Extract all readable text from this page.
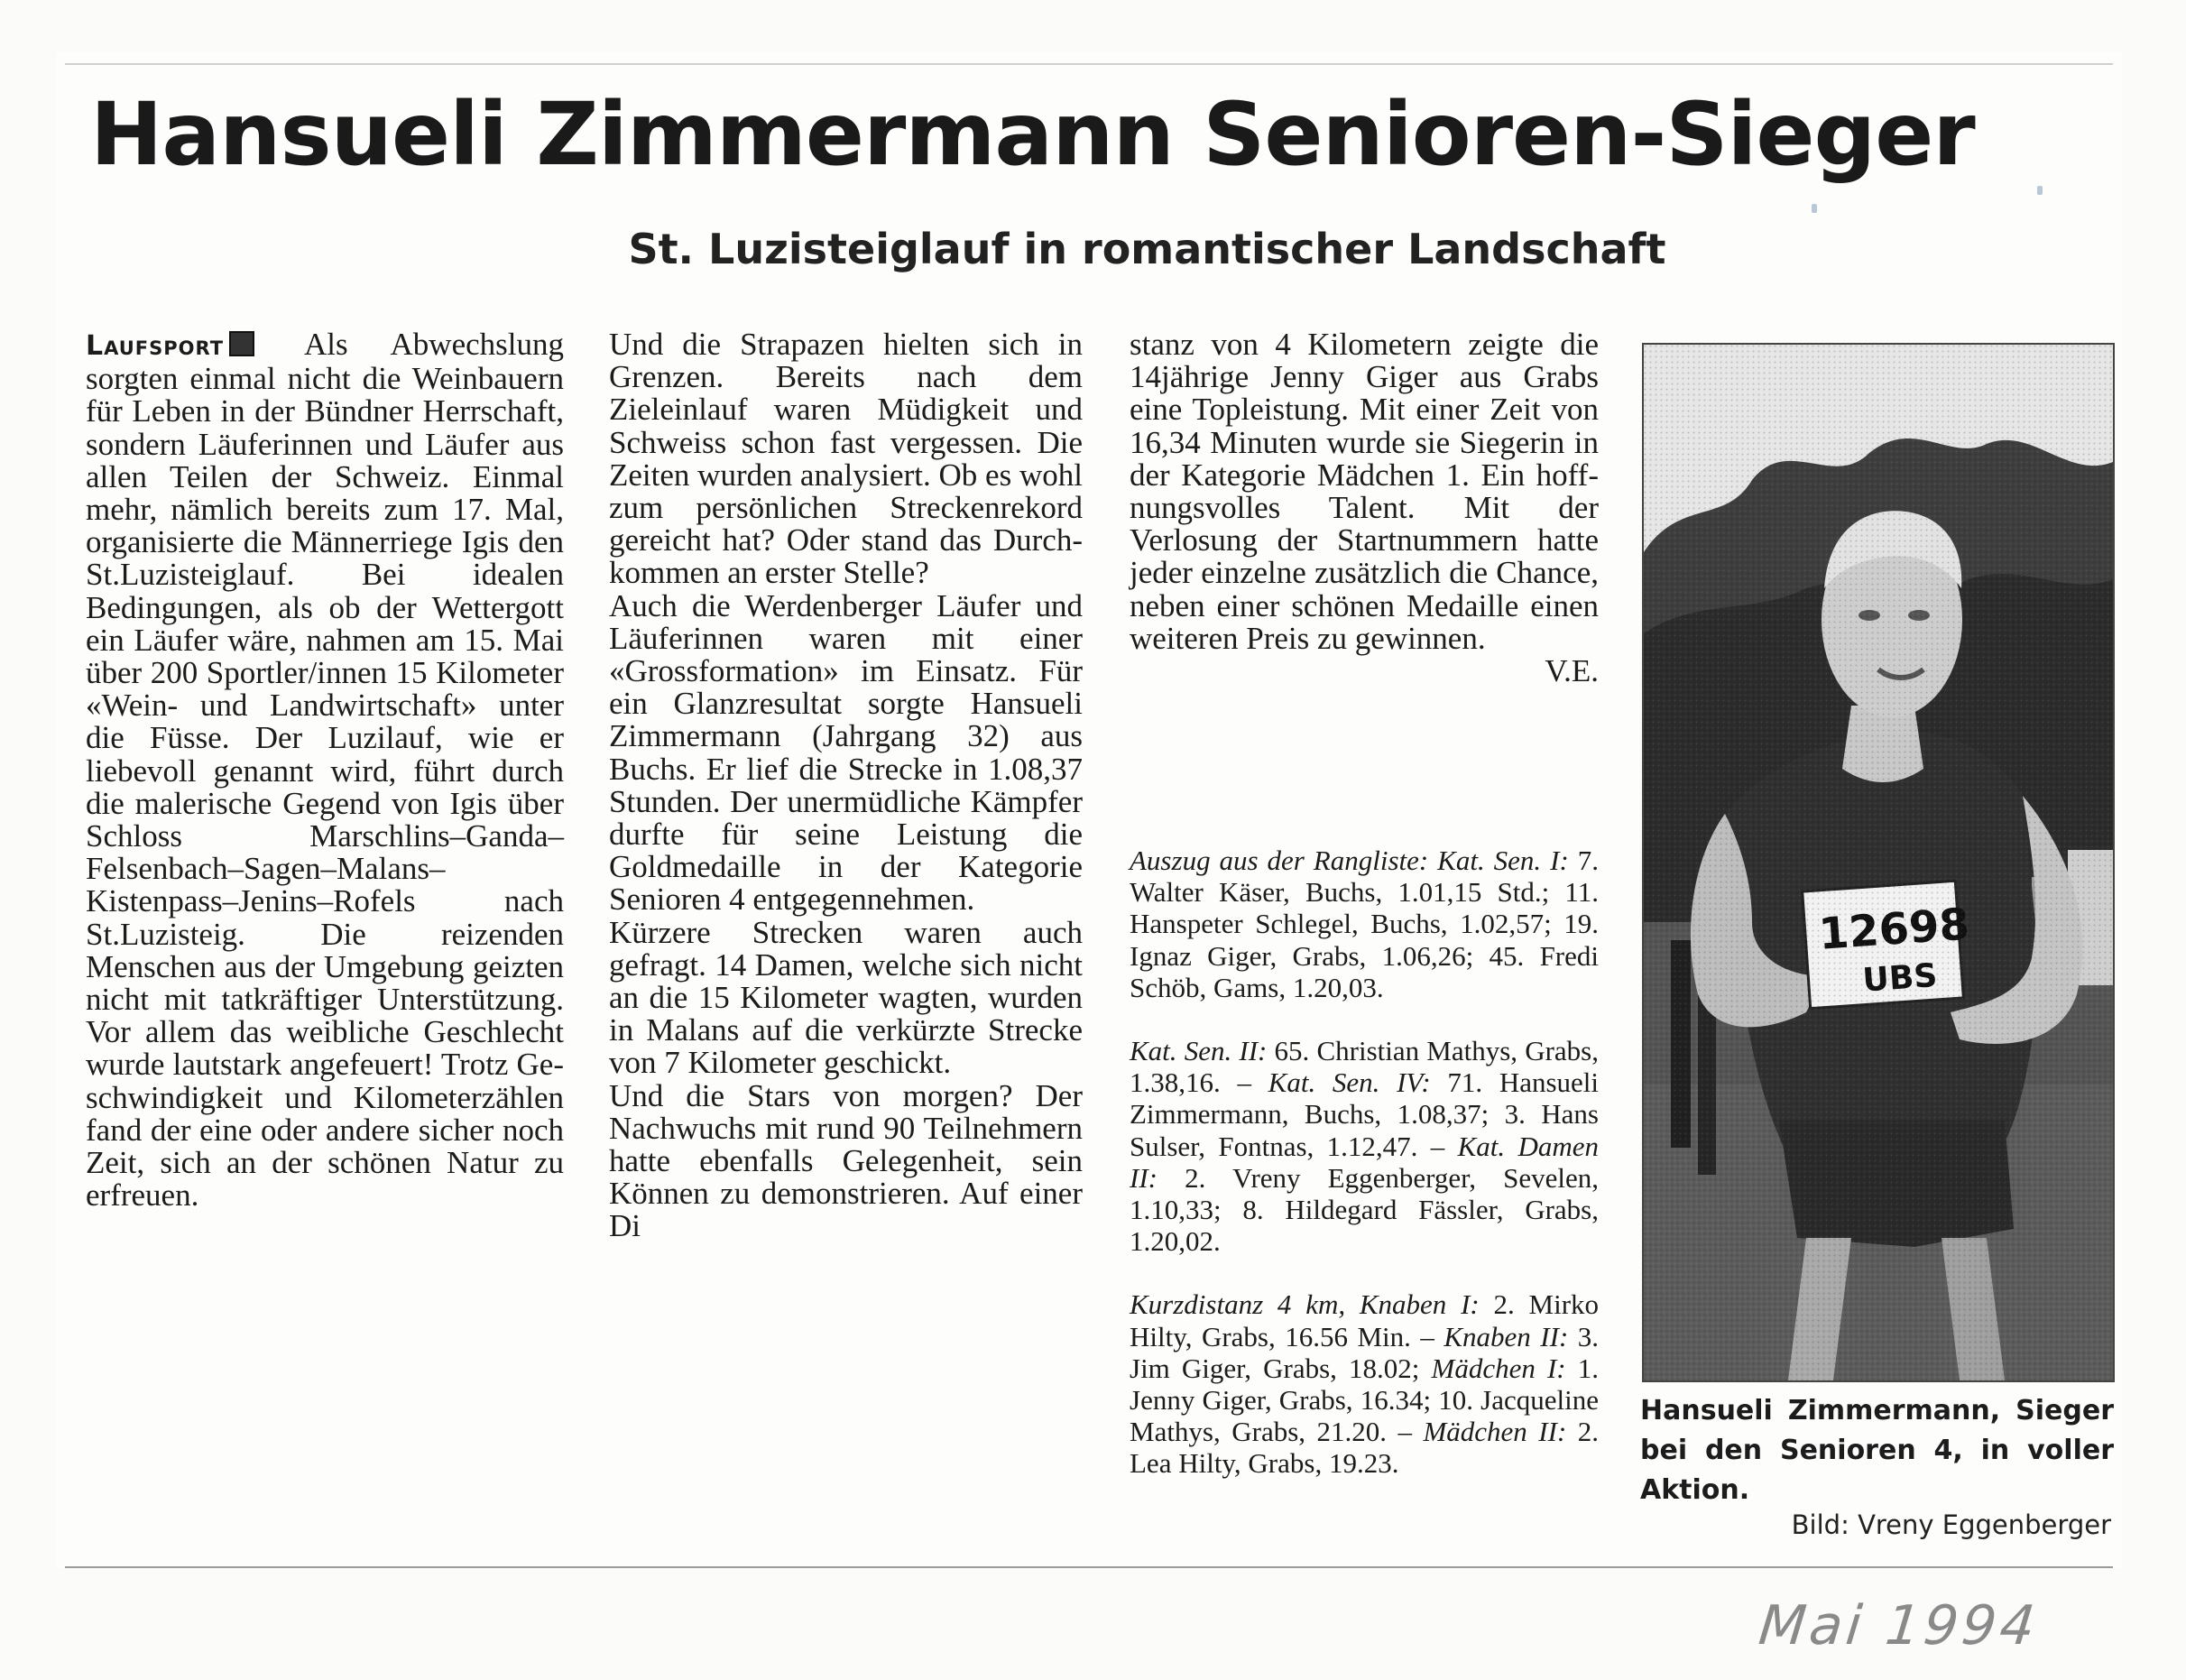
Hansueli Zimmermann Senioren-Sieger
St. Luzisteiglauf in romantischer Landschaft

Laufsport	Als Abwechslung sorgten einmal nicht die Weinbauern für Leben in der Bündner Herrschaft, sondern Läuferinnen und Läufer aus allen Teilen der Schweiz. Einmal mehr, nämlich bereits zum 17. Mal, organisierte die Männerriege Igis den St.Luzisteiglauf. Bei idealen Bedingungen, als ob der Wettergott ein Läufer wäre, nahmen am 15. Mai über 200 Sportler/innen 15 Kilometer «Wein- und Landwirtschaft» unter die Füsse. Der Luzilauf, wie er liebevoll genannt wird, führt durch die malerische Gegend von Igis über Schloss Marschlins–Ganda–Felsenbach–Sagen–Malans–Kistenpass–Jenins–Rofels nach St.Luzisteig. Die reizenden Menschen aus der Umgebung geizten nicht mit tatkräftiger Unterstützung. Vor allem das weibliche Geschlecht wurde lautstark angefeuert! Trotz Geschwindigkeit und Kilometerzählen fand der eine oder andere sicher noch Zeit, sich an der schönen Natur zu erfreuen.

Und die Strapazen hielten sich in Grenzen. Bereits nach dem Zieleinlauf waren Müdigkeit und Schweiss schon fast vergessen. Die Zeiten wurden analysiert. Ob es wohl zum persönlichen Streckenrekord gereicht hat? Oder stand das Durchkommen an erster Stelle?

Auch die Werdenberger Läufer und Läuferinnen waren mit einer «Grossformation» im Einsatz. Für ein Glanzresultat sorgte Hansueli Zimmermann (Jahrgang 32) aus Buchs. Er lief die Strecke in 1.08,37 Stunden. Der unermüdliche Kämpfer durfte für seine Leistung die Goldmedaille in der Kategorie Senioren 4 entgegennehmen.

Kürzere Strecken waren auch gefragt. 14 Damen, welche sich nicht an die 15 Kilometer wagten, wurden in Malans auf die verkürzte Strecke von 7 Kilometer geschickt.

Und die Stars von morgen? Der Nachwuchs mit rund 90 Teilnehmern hatte ebenfalls Gelegenheit, sein Können zu demonstrieren. Auf einer Di

stanz von 4 Kilometern zeigte die 14jährige Jenny Giger aus Grabs eine Topleistung. Mit einer Zeit von 16,34 Minuten wurde sie Siegerin in der Kategorie Mädchen 1. Ein hoffnungsvolles Talent. Mit der Verlosung der Startnummern hatte jeder einzelne zusätzlich die Chance, neben einer schönen Medaille einen weiteren Preis zu gewinnen.
V.E.

Auszug aus der Rangliste: Kat. Sen. I: 7. Walter Käser, Buchs, 1.01,15 Std.; 11. Hanspeter Schlegel, Buchs, 1.02,57; 19. Ignaz Giger, Grabs, 1.06,26; 45. Fredi Schöb, Gams, 1.20,03.

Kat. Sen. II: 65. Christian Mathys, Grabs, 1.38,16. – Kat. Sen. IV: 71. Hansueli Zimmermann, Buchs, 1.08,37; 3. Hans Sulser, Fontnas, 1.12,47. – Kat. Damen II: 2. Vreny Eggenberger, Sevelen, 1.10,33; 8. Hildegard Fässler, Grabs, 1.20,02.

Kurzdistanz 4 km, Knaben I: 2. Mirko Hilty, Grabs, 16.56 Min. – Knaben II: 3. Jim Giger, Grabs, 18.02; Mädchen I: 1. Jenny Giger, Grabs, 16.34; 10. Jacqueline Mathys, Grabs, 21.20. – Mädchen II: 2. Lea Hilty, Grabs, 19.23.

Hansueli Zimmermann, Sieger bei den Senioren 4, in voller Aktion.

Bild: Vreny Eggenberger

Mai 1994
